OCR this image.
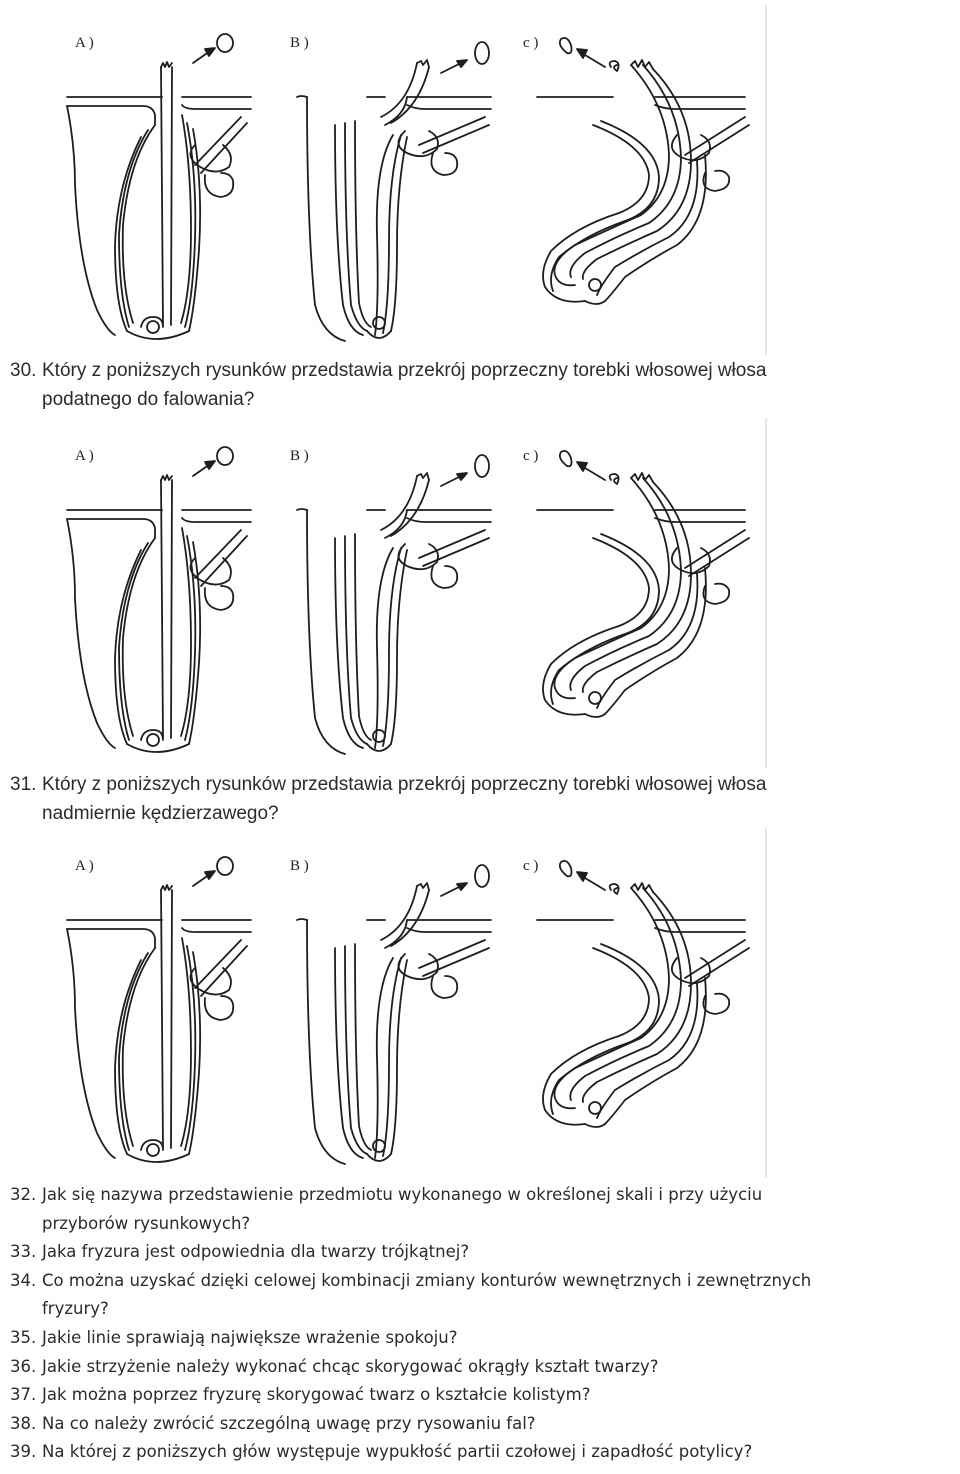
A )	B )	c )
30. Który z poniższych rysunków przedstawia przekrój poprzeczny torebki włosowej włosa
podatnego do falowania?
A )	B )	c )
31. Który z poniższych rysunków przedstawia przekrój poprzeczny torebki włosowej włosa
nadmiernie kędzierzawego?
A )	B )	c )
32. Jak się nazywa przedstawienie przedmiotu wykonanego w określonej skali i przy użyciu
przyborów rysunkowych?
33. Jaka fryzura jest odpowiednia dla twarzy trójkątnej?
34. Co można uzyskać dzięki celowej kombinacji zmiany konturów wewnętrznych i zewnętrznych
fryzury?
35. Jakie linie sprawiają największe wrażenie spokoju?
36. Jakie strzyżenie należy wykonać chcąc skorygować okrągły kształt twarzy?
37. Jak można poprzez fryzurę skorygować twarz o kształcie kolistym?
38. Na co należy zwrócić szczególną uwagę przy rysowaniu fal?
39. Na której z poniższych głów występuje wypukłość partii czołowej i zapadłość potylicy?
